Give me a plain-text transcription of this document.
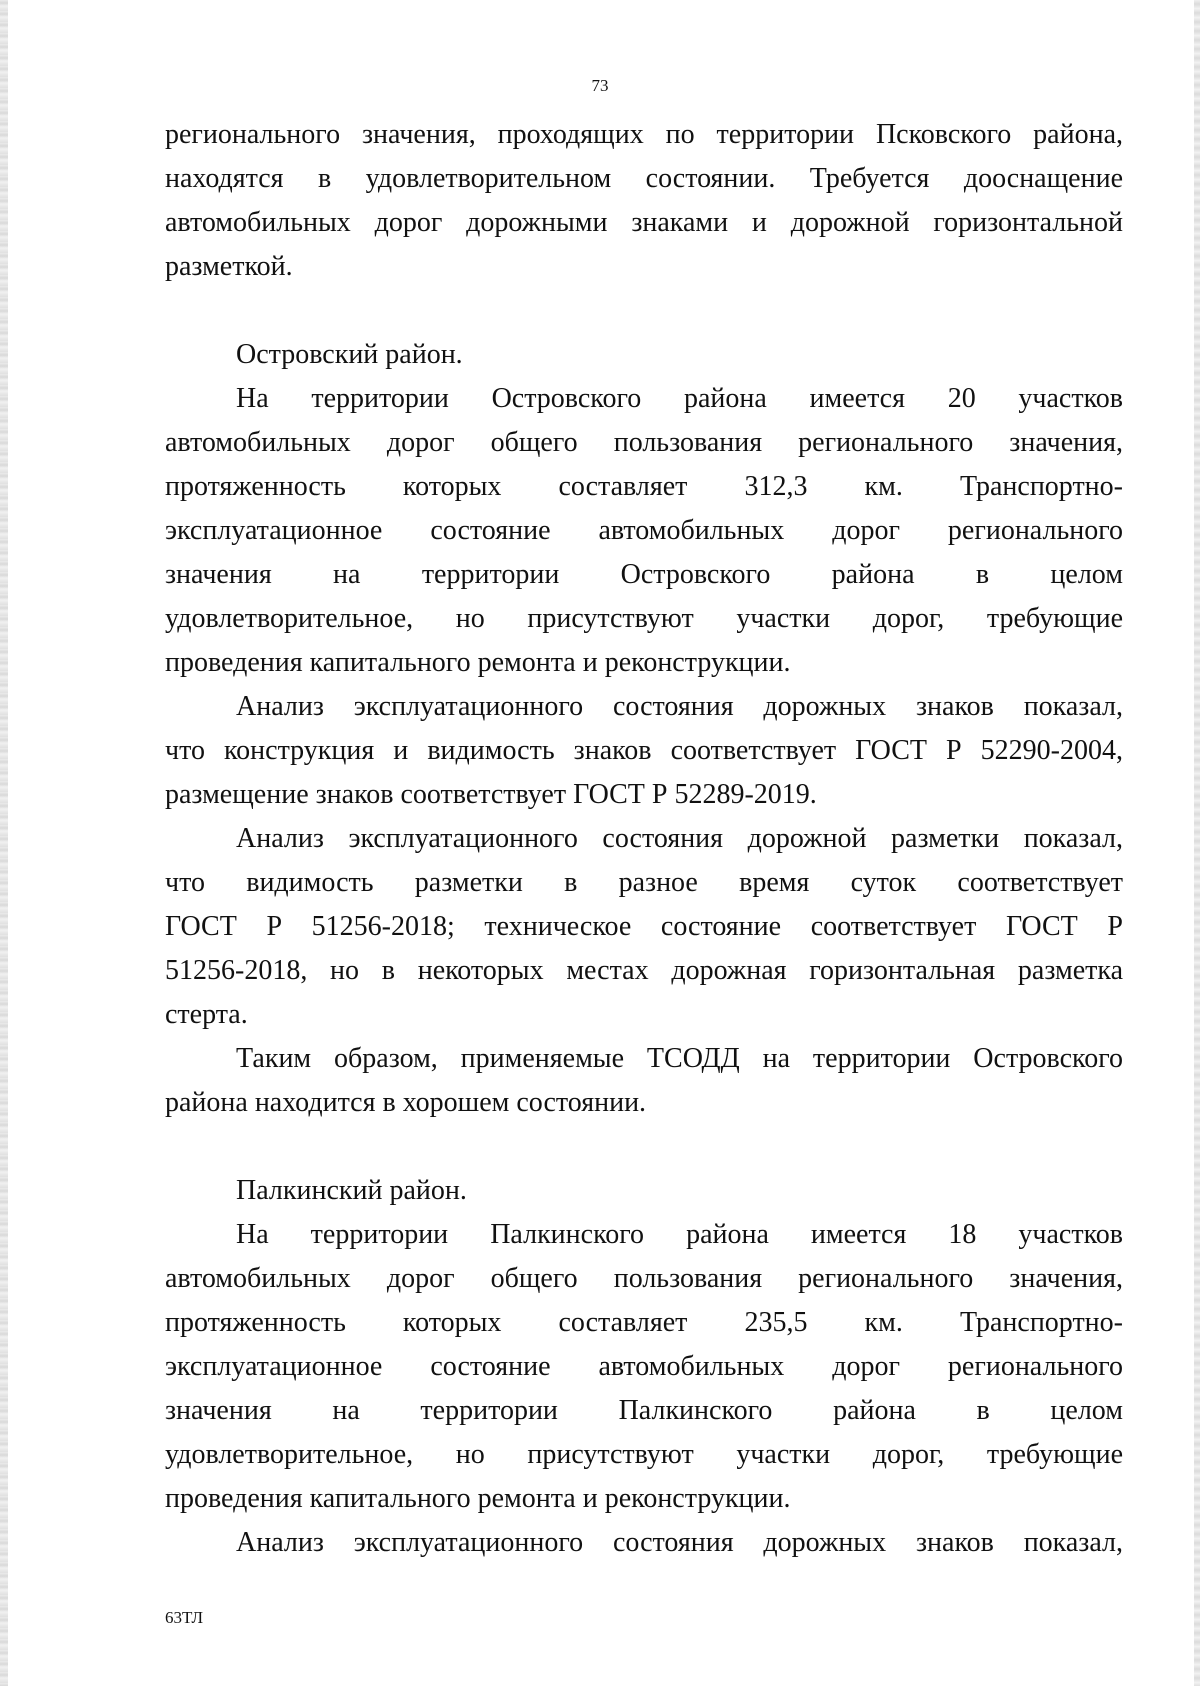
73
регионального значения, проходящих по территории Псковского района,
находятся в удовлетворительном состоянии. Требуется дооснащение
автомобильных дорог дорожными знаками и дорожной горизонтальной
разметкой.
Островский район.
На территории Островского района имеется 20 участков
автомобильных дорог общего пользования регионального значения,
протяженность которых составляет 312,3 км. Транспортно-
эксплуатационное состояние автомобильных дорог регионального
значения на территории Островского района в целом
удовлетворительное, но присутствуют участки дорог, требующие
проведения капитального ремонта и реконструкции.
Анализ эксплуатационного состояния дорожных знаков показал,
что конструкция и видимость знаков соответствует ГОСТ Р 52290-2004,
размещение знаков соответствует ГОСТ Р 52289-2019.
Анализ эксплуатационного состояния дорожной разметки показал,
что видимость разметки в разное время суток соответствует
ГОСТ Р 51256-2018; техническое состояние соответствует ГОСТ Р
51256-2018, но в некоторых местах дорожная горизонтальная разметка
стерта.
Таким образом, применяемые ТСОДД на территории Островского
района находится в хорошем состоянии.
Палкинский район.
На территории Палкинского района имеется 18 участков
автомобильных дорог общего пользования регионального значения,
протяженность которых составляет 235,5 км. Транспортно-
эксплуатационное состояние автомобильных дорог регионального
значения на территории Палкинского района в целом
удовлетворительное, но присутствуют участки дорог, требующие
проведения капитального ремонта и реконструкции.
Анализ эксплуатационного состояния дорожных знаков показал,
63ТЛ
